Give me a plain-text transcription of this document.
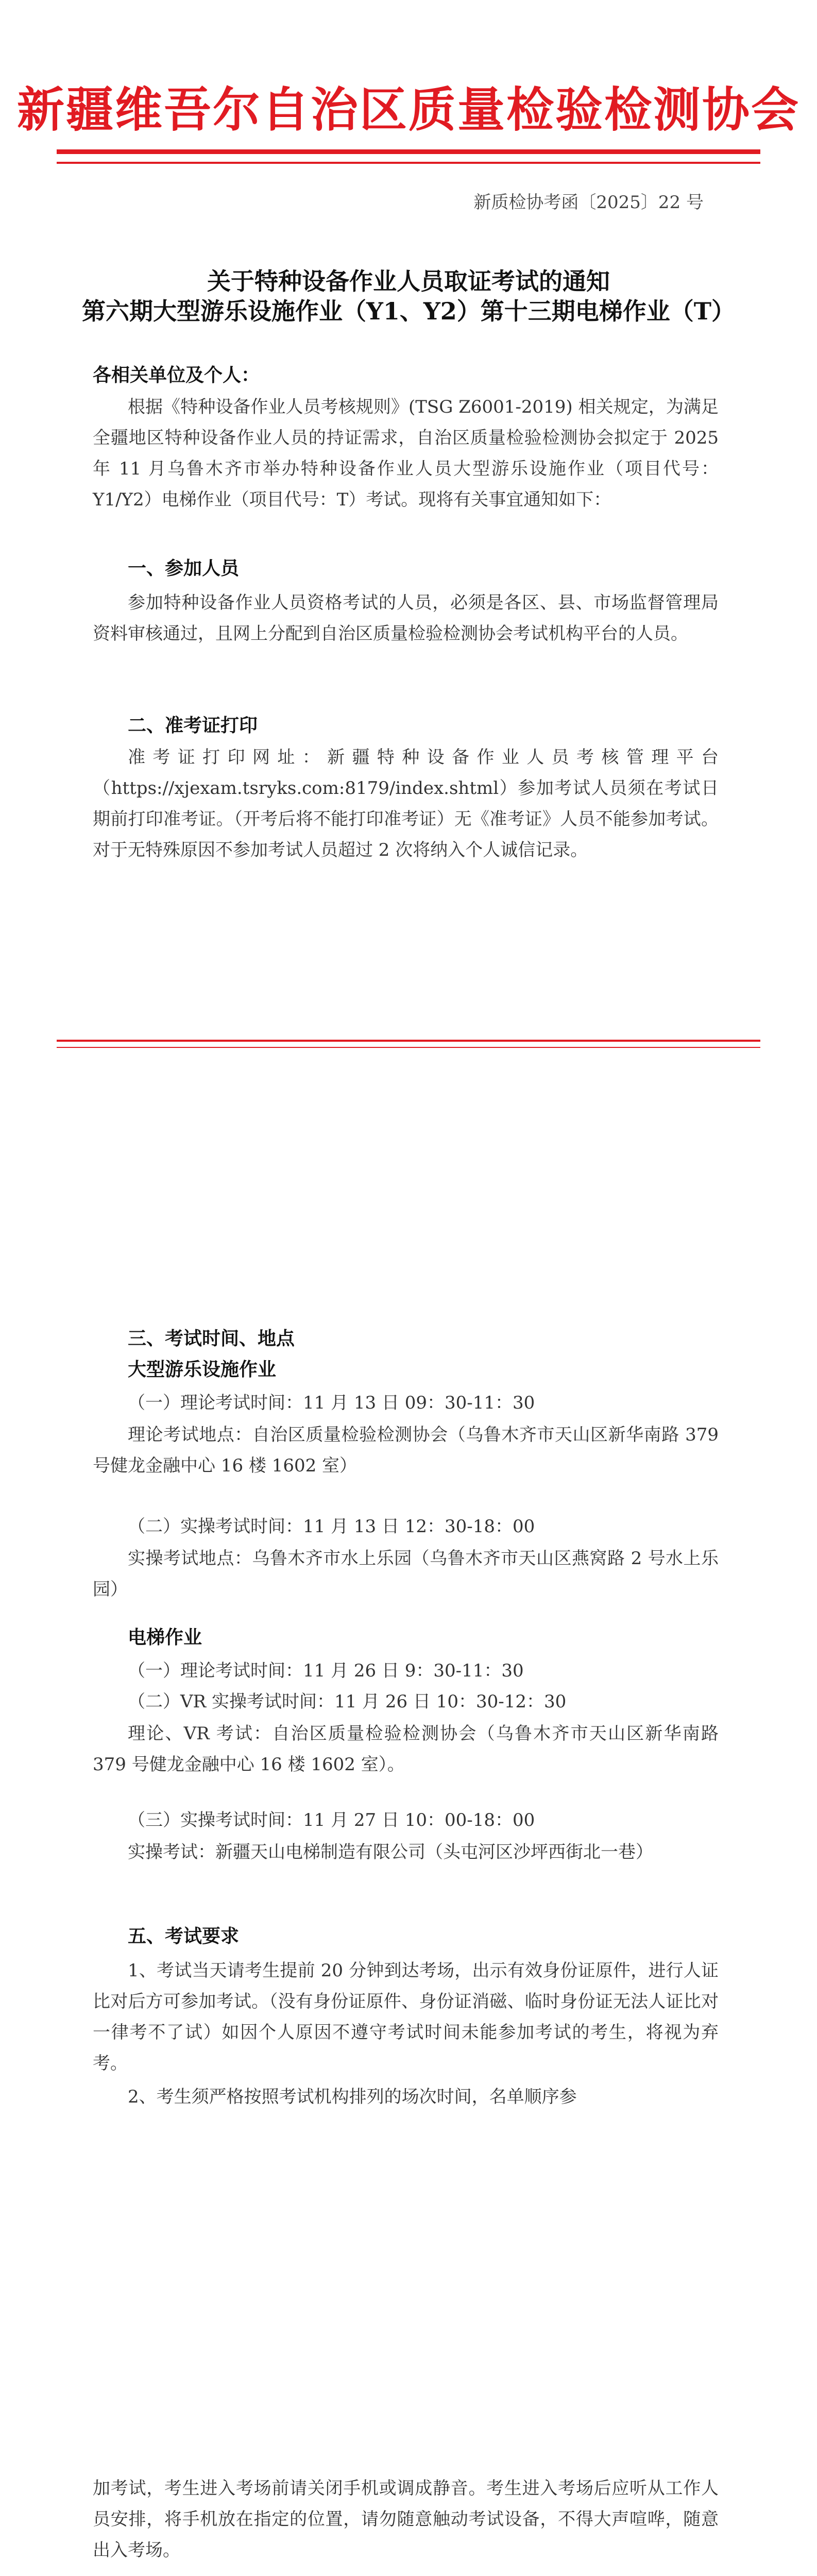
新疆维吾尔自治区质量检验检测协会
新质检协考函〔2025〕22 号
关于特种设备作业人员取证考试的通知
第六期大型游乐设施作业（Y1、Y2）第十三期电梯作业（T）
各相关单位及个人：
根据《特种设备作业人员考核规则》(TSG Z6001-2019) 相关规定，为满足全疆地区特种设备作业人员的持证需求，自治区质量检验检测协会拟定于 2025 年 11 月乌鲁木齐市举办特种设备作业人员大型游乐设施作业（项目代号：Y1/Y2）电梯作业（项目代号：T）考试。现将有关事宜通知如下：
一、参加人员
参加特种设备作业人员资格考试的人员，必须是各区、县、市场监督管理局资料审核通过，且网上分配到自治区质量检验检测协会考试机构平台的人员。
二、准考证打印
准考证打印网址：新疆特种设备作业人员考核管理平台（https://xjexam.tsryks.com:8179/index.shtml）参加考试人员须在考试日期前打印准考证。（开考后将不能打印准考证）无《准考证》人员不能参加考试。对于无特殊原因不参加考试人员超过 2 次将纳入个人诚信记录。
三、考试时间、地点
大型游乐设施作业
（一）理论考试时间：11 月 13 日 09：30-11：30
理论考试地点：自治区质量检验检测协会（乌鲁木齐市天山区新华南路 379 号健龙金融中心 16 楼 1602 室）
（二）实操考试时间：11 月 13 日 12：30-18：00
实操考试地点：乌鲁木齐市水上乐园（乌鲁木齐市天山区燕窝路 2 号水上乐园）
电梯作业
（一）理论考试时间：11 月 26 日 9：30-11：30
（二）VR 实操考试时间：11 月 26 日 10：30-12：30
理论、VR 考试：自治区质量检验检测协会（乌鲁木齐市天山区新华南路 379 号健龙金融中心 16 楼 1602 室）。
（三）实操考试时间：11 月 27 日 10：00-18：00
实操考试：新疆天山电梯制造有限公司（头屯河区沙坪西街北一巷）
五、考试要求
1、考试当天请考生提前 20 分钟到达考场，出示有效身份证原件，进行人证比对后方可参加考试。（没有身份证原件、身份证消磁、临时身份证无法人证比对一律考不了试）如因个人原因不遵守考试时间未能参加考试的考生，将视为弃考。
2、考生须严格按照考试机构排列的场次时间，名单顺序参
加考试，考生进入考场前请关闭手机或调成静音。考生进入考场后应听从工作人员安排，将手机放在指定的位置，请勿随意触动考试设备，不得大声喧哗，随意出入考场。
